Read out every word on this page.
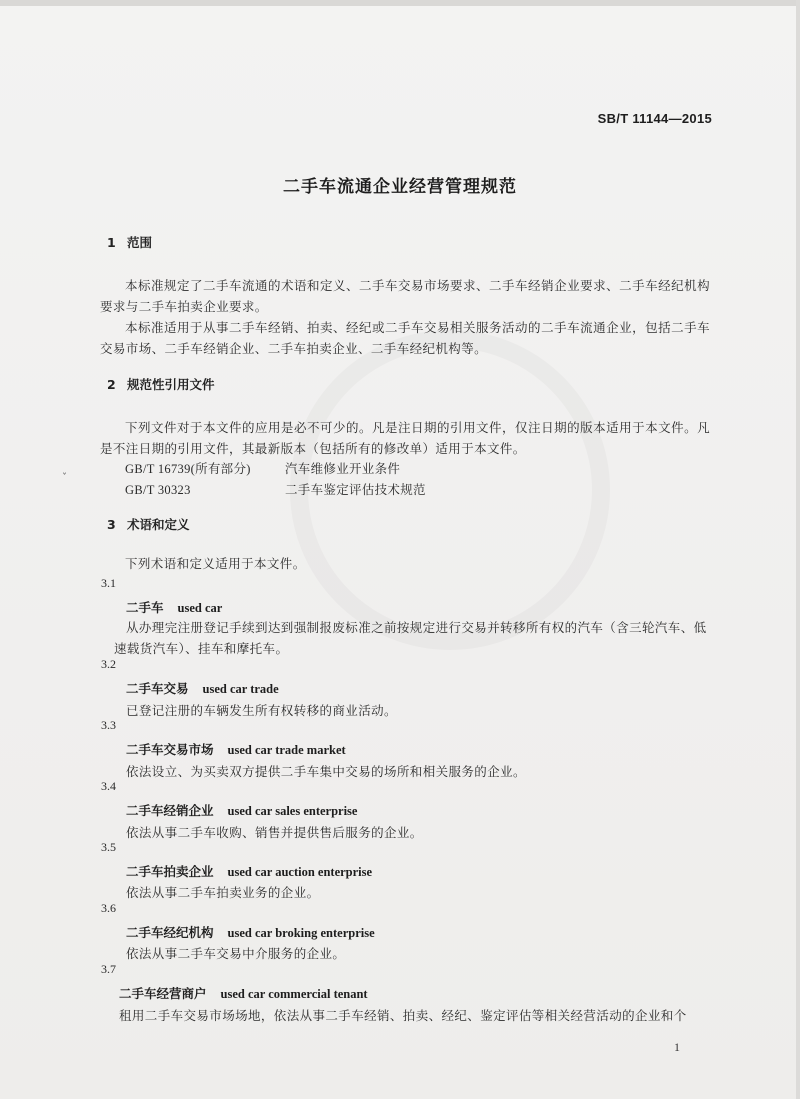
ˇ
SB/T 11144—2015
二手车流通企业经营管理规范
1 范围
本标准规定了二手车流通的术语和定义、二手车交易市场要求、二手车经销企业要求、二手车经纪机构要求与二手车拍卖企业要求。
本标准适用于从事二手车经销、拍卖、经纪或二手车交易相关服务活动的二手车流通企业，包括二手车交易市场、二手车经销企业、二手车拍卖企业、二手车经纪机构等。
2 规范性引用文件
下列文件对于本文件的应用是必不可少的。凡是注日期的引用文件，仅注日期的版本适用于本文件。凡是不注日期的引用文件，其最新版本（包括所有的修改单）适用于本文件。
GB/T 16739(所有部分)	汽车维修业开业条件
GB/T 30323	二手车鉴定评估技术规范
3 术语和定义
下列术语和定义适用于本文件。
3.1
二手车 used car
从办理完注册登记手续到达到强制报废标准之前按规定进行交易并转移所有权的汽车（含三轮汽车、低速载货汽车）、挂车和摩托车。
3.2
二手车交易 used car trade
已登记注册的车辆发生所有权转移的商业活动。
3.3
二手车交易市场 used car trade market
依法设立、为买卖双方提供二手车集中交易的场所和相关服务的企业。
3.4
二手车经销企业 used car sales enterprise
依法从事二手车收购、销售并提供售后服务的企业。
3.5
二手车拍卖企业 used car auction enterprise
依法从事二手车拍卖业务的企业。
3.6
二手车经纪机构 used car broking enterprise
依法从事二手车交易中介服务的企业。
3.7
二手车经营商户 used car commercial tenant
租用二手车交易市场场地，依法从事二手车经销、拍卖、经纪、鉴定评估等相关经营活动的企业和个
1
